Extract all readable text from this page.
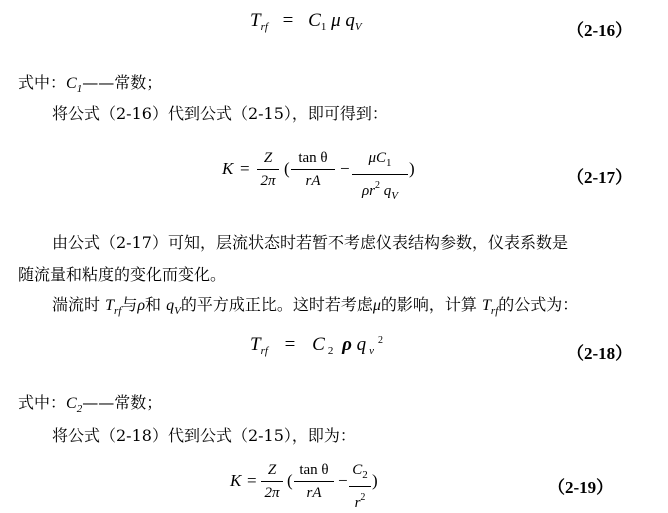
$T_{rf} = C_1$ μ $q_V$	（2-16）
式中：$C_1——$常数；
将公式（2-16）代到公式（2-15），即可得到：
K =
Z
2π
(
tan θ
rA
−
$\mu C_1$
$\rho r^2$ $q_V$
)	（2-17）
由公式（2-17）可知，层流状态时若暂不考虑仪表结构参数，仪表系数是
随流量和粘度的变化而变化。
湍流时 $T_{rf}$与ρ和 $q_V$的平方成正比。这时若考虑μ的影响，计算 $T_{rf}$的公式为：
$T_{rf} = C$ $_2$ ρ q $_v^2$
（2-18）
式中：$C_2——$常数；
将公式（2-18）代到公式（2-15），即为：
K =
Z
2π
(
tan θ
rA
−
$C_2$
$r^2$
)	（2-19）
